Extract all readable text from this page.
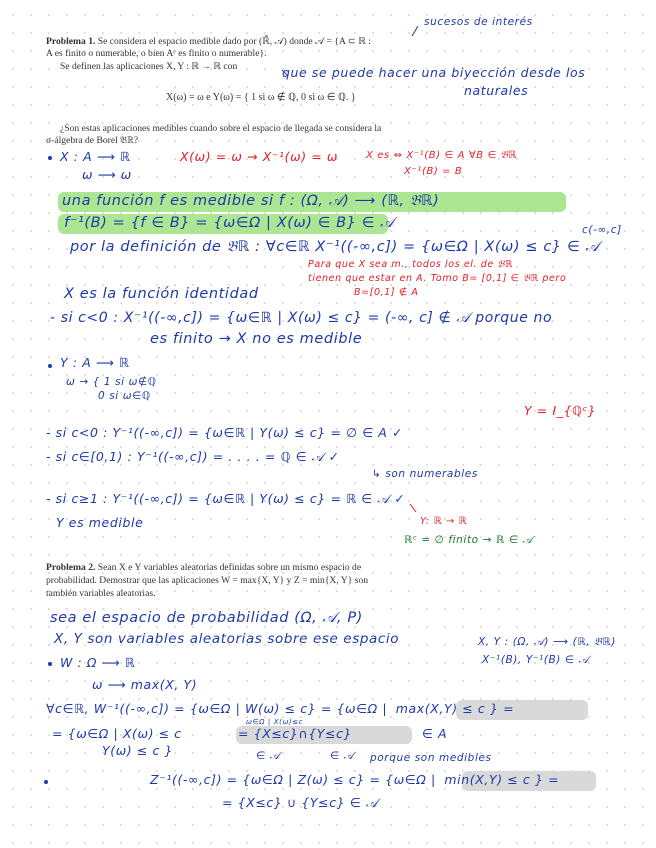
Problema 1. Se considera el espacio medible dado por (ℝ̄, 𝒜) donde 𝒜 = {A ⊂ ℝ :
A es finito o numerable, o bien Aᶜ es finito o numerable}.
Se definen las aplicaciones X, Y : ℝ → ℝ con
X(ω) = ω e Y(ω) = { 1 si ω ∉ ℚ, 0 si ω ∈ ℚ. }
¿Son estas aplicaciones medibles cuando sobre el espacio de llegada se considera la
σ-álgebra de Borel 𝔅ℝ?
sucesos de interés
que se puede hacer una biyección desde los
naturales
X : A ⟶ ℝ
ω ⟶ ω
X(ω) = ω → X⁻¹(ω) = ω	X es ⇔ X⁻¹(B) ∈ A ∀B ∈ 𝔅ℝ
X⁻¹(B) = B
una función f es medible si f : (Ω, 𝒜) ⟶ (ℝ, 𝔅ℝ)
f⁻¹(B) = {f ∈ B} = {ω∈Ω | X(ω) ∈ B} ∈ 𝒜	c(-∞,c]
por la definición de 𝔅ℝ : ∀c∈ℝ X⁻¹((-∞,c]) = {ω∈Ω | X(ω) ≤ c} ∈ 𝒜
Para que X sea m., todos los el. de 𝔅ℝ
tienen que estar en A. Tomo B= [0,1] ∈ 𝔅ℝ pero
B=[0,1] ∉ A
X es la función identidad
- si c<0 : X⁻¹((-∞,c]) = {ω∈ℝ | X(ω) ≤ c} = (-∞, c] ∉ 𝒜 porque no
es finito → X no es medible
Y : A ⟶ ℝ
ω → { 1 si ω∉ℚ
0 si ω∈ℚ
Y = I_{ℚᶜ}
- si c<0 : Y⁻¹((-∞,c]) = {ω∈ℝ | Y(ω) ≤ c} = ∅ ∈ A ✓
- si c∈[0,1) : Y⁻¹((-∞,c]) = . . . . = ℚ ∈ 𝒜 ✓
↳ son numerables
- si c≥1 : Y⁻¹((-∞,c]) = {ω∈ℝ | Y(ω) ≤ c} = ℝ ∈ 𝒜 ✓
Y es medible	Y: ℝ → ℝ
ℝᶜ = ∅ finito → ℝ ∈ 𝒜
Problema 2. Sean X e Y variables aleatorias definidas sobre un mismo espacio de
probabilidad. Demostrar que las aplicaciones W = max{X, Y} y Z = min{X, Y} son
también variables aleatorias.
sea el espacio de probabilidad (Ω, 𝒜, P)
X, Y son variables aleatorias sobre ese espacio	X, Y : (Ω, 𝒜) ⟶ (ℝ, 𝔅ℝ)
X⁻¹(B), Y⁻¹(B) ∈ 𝒜
W : Ω ⟶ ℝ
ω ⟶ max(X, Y)
∀c∈ℝ, W⁻¹((-∞,c]) = {ω∈Ω | W(ω) ≤ c} = {ω∈Ω | max(X,Y) ≤ c } =
ω∈Ω | X(ω)≤c
= {ω∈Ω | X(ω) ≤ c	= {X≤c}∩{Y≤c}	∈ A
Y(ω) ≤ c }	∈ 𝒜	∈ 𝒜 porque son medibles
Z⁻¹((-∞,c]) = {ω∈Ω | Z(ω) ≤ c} = {ω∈Ω | min(X,Y) ≤ c } =
= {X≤c} ∪ {Y≤c} ∈ 𝒜
